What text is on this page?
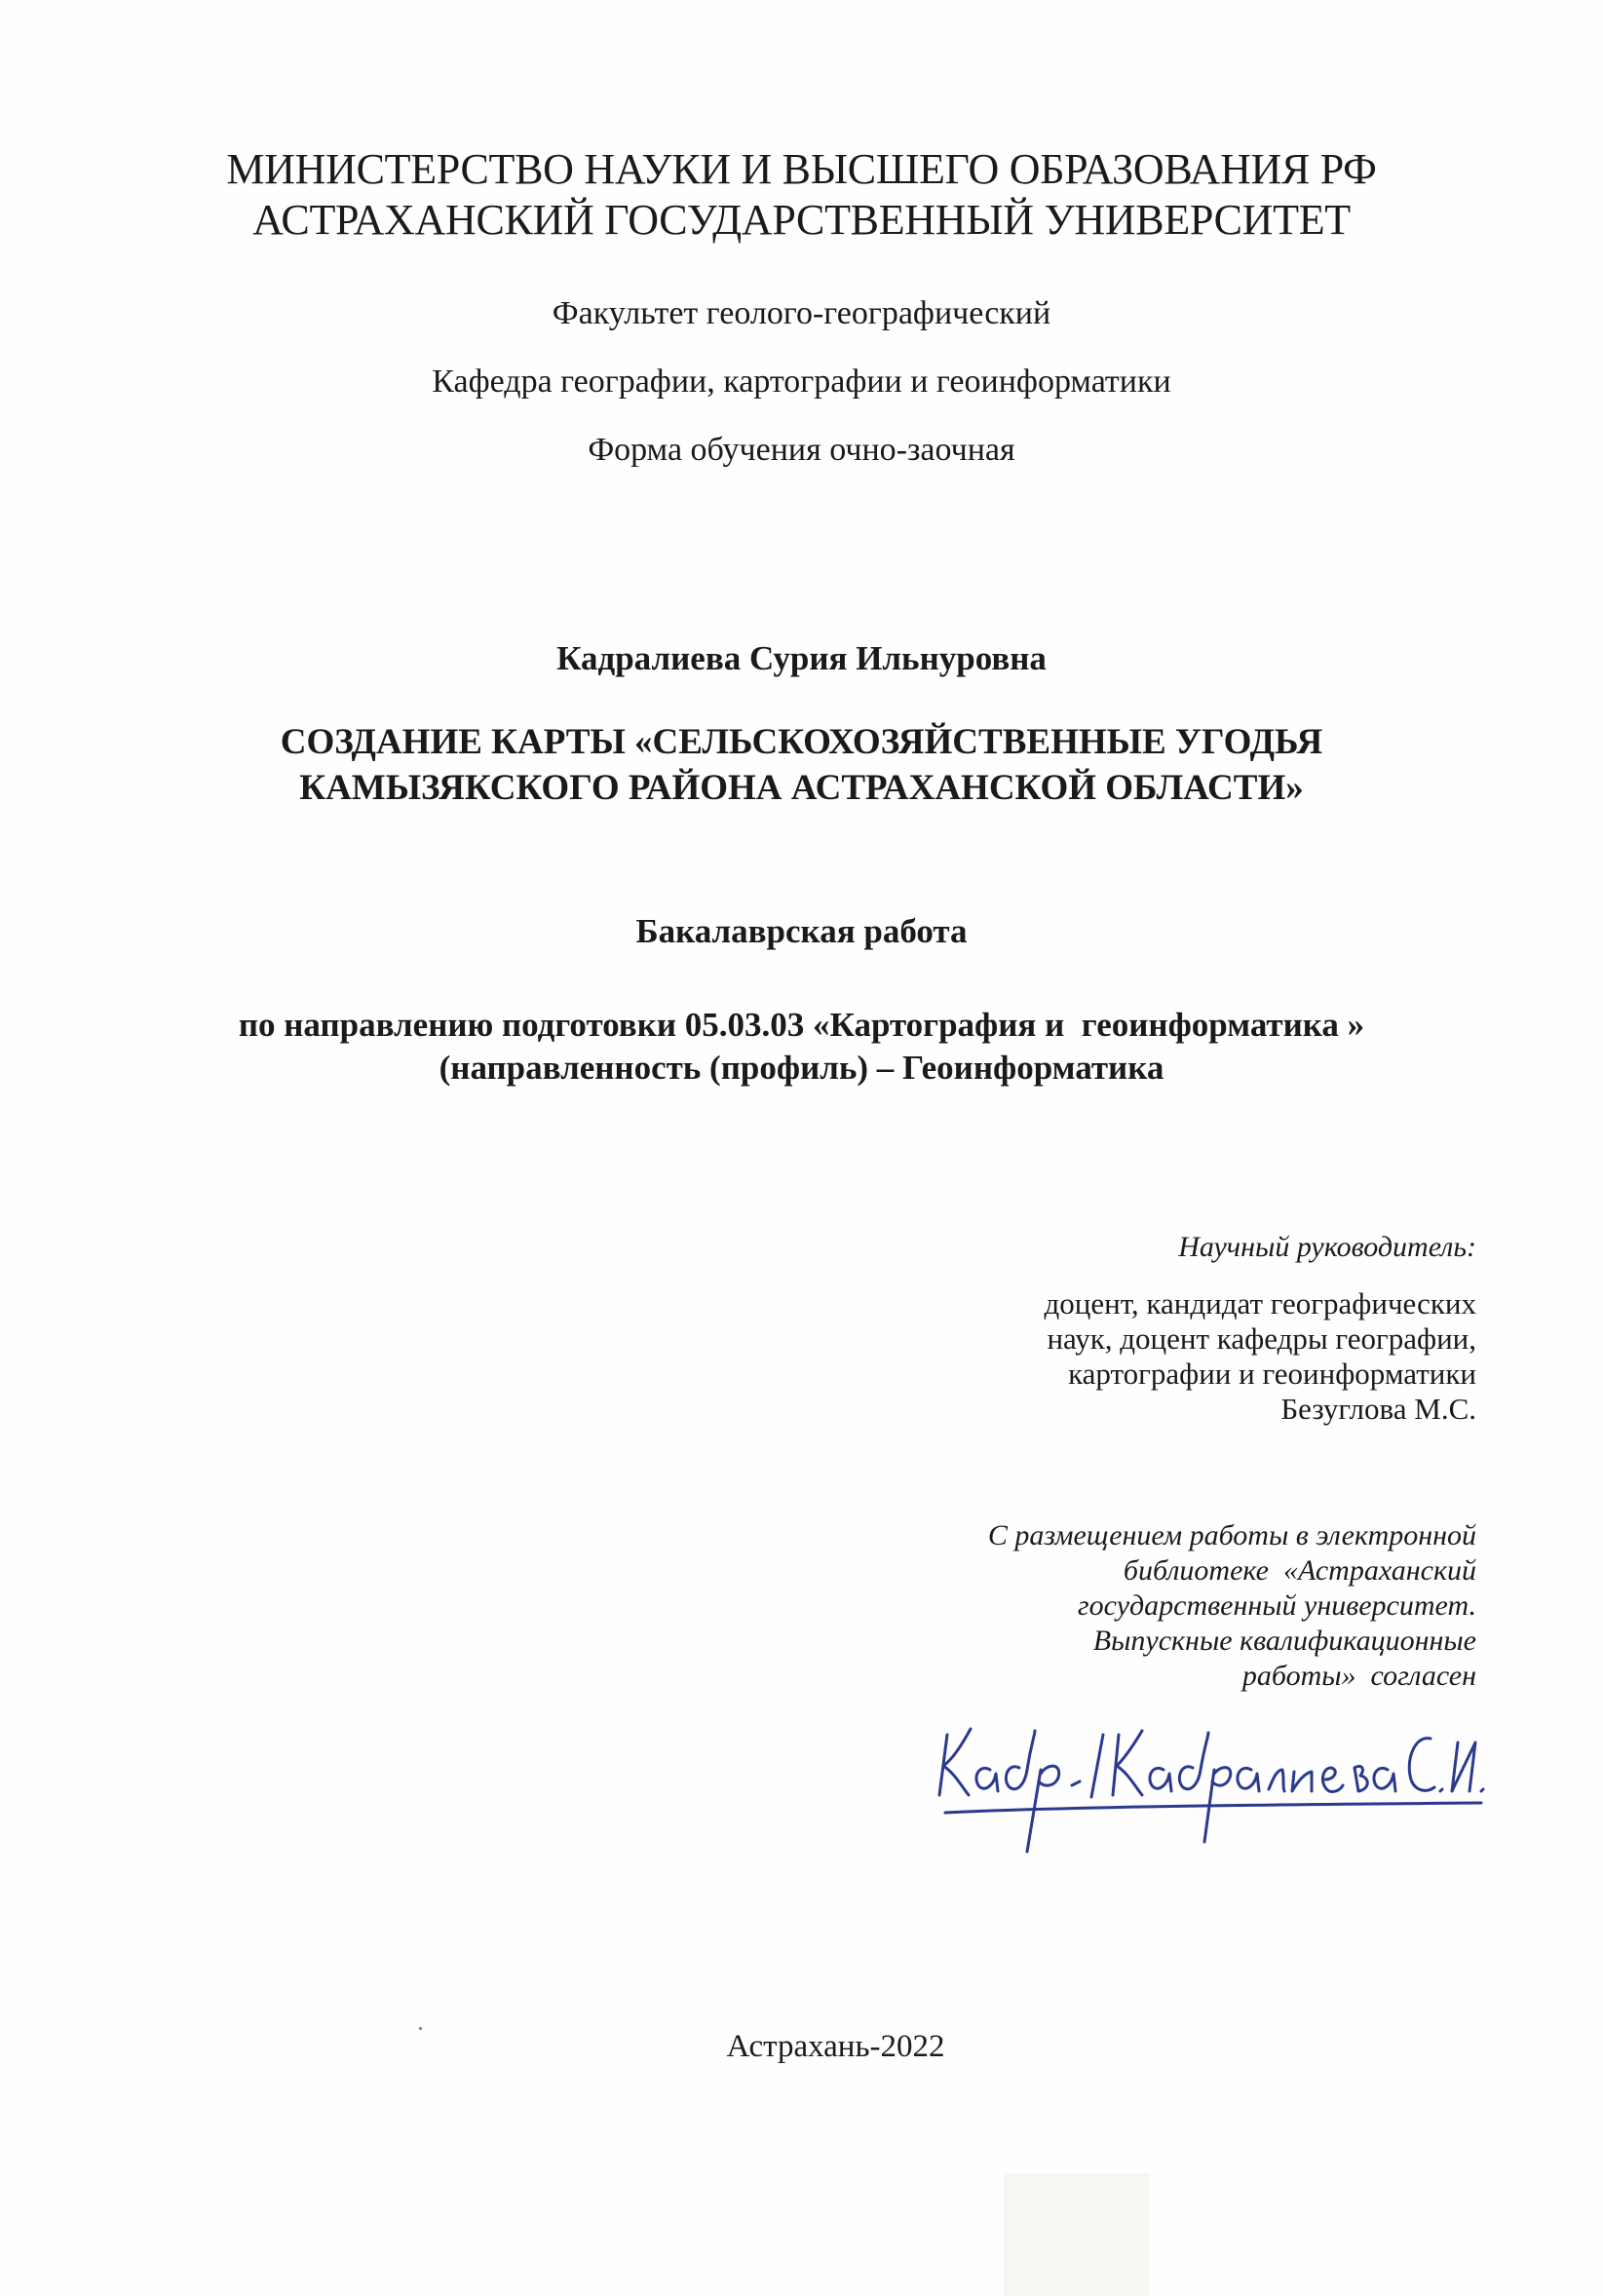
МИНИСТЕРСТВО НАУКИ И ВЫСШЕГО ОБРАЗОВАНИЯ РФ
АСТРАХАНСКИЙ ГОСУДАРСТВЕННЫЙ УНИВЕРСИТЕТ
Факультет геолого-географический
Кафедра географии, картографии и геоинформатики
Форма обучения очно-заочная
Кадралиева Сурия Ильнуровна
СОЗДАНИЕ КАРТЫ «СЕЛЬСКОХОЗЯЙСТВЕННЫЕ УГОДЬЯ
КАМЫЗЯКСКОГО РАЙОНА АСТРАХАНСКОЙ ОБЛАСТИ»
Бакалаврская работа
по направлению подготовки 05.03.03 «Картография и  геоинформатика »
(направленность (профиль) – Геоинформатика
Научный руководитель:
доцент, кандидат географических
наук, доцент кафедры географии,
картографии и геоинформатики
Безуглова М.С.
С размещением работы в электронной
библиотеке  «Астраханский
государственный университет.
Выпускные квалификационные
работы»  согласен
Астрахань-2022
